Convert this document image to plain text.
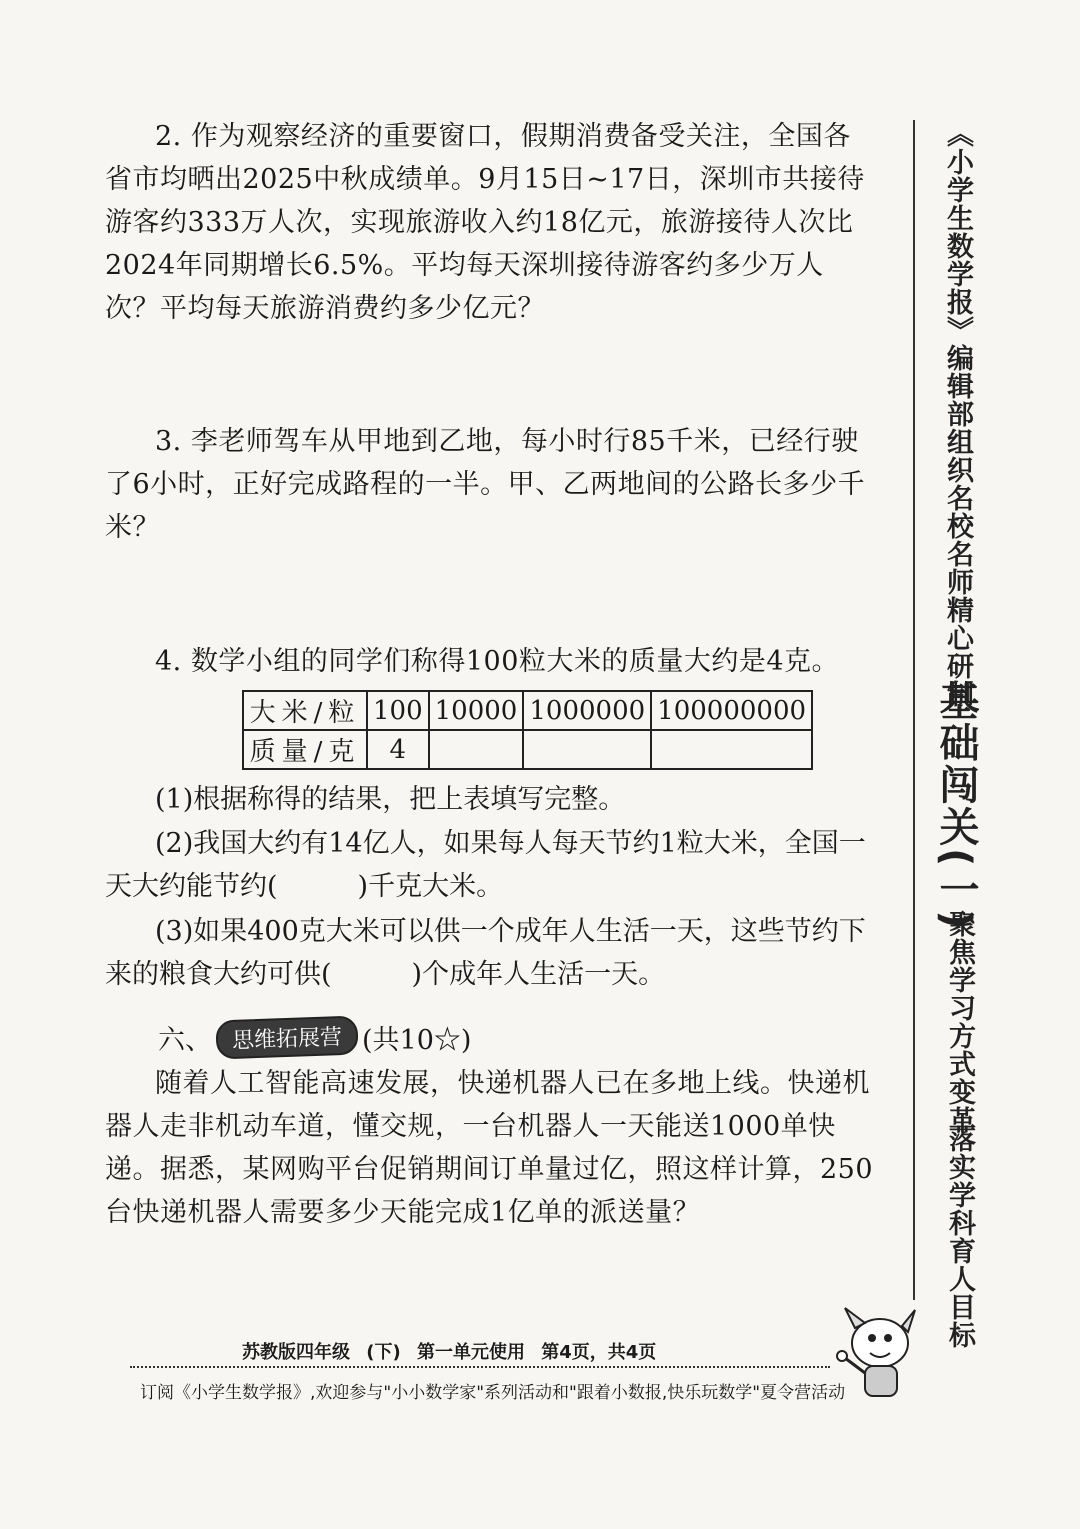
2. 作为观察经济的重要窗口，假期消费备受关注，全国各省市均晒出2025中秋成绩单。9月15日~17日，深圳市共接待游客约333万人次，实现旅游收入约18亿元，旅游接待人次比2024年同期增长6.5%。平均每天深圳接待游客约多少万人次？平均每天旅游消费约多少亿元？

3. 李老师驾车从甲地到乙地，每小时行85千米，已经行驶了6小时，正好完成路程的一半。甲、乙两地间的公路长多少千米？

4. 数学小组的同学们称得100粒大米的质量大约是4克。

大米/粒	100	10000	1000000	100000000
质量/克	4			

(1)根据称得的结果，把上表填写完整。

(2)我国大约有14亿人，如果每人每天节约1粒大米，全国一天大约能节约(	)千克大米。

(3)如果400克大米可以供一个成年人生活一天，这些节约下来的粮食大约可供(	)个成年人生活一天。

六、 思维拓展营 (共10☆)

随着人工智能高速发展，快递机器人已在多地上线。快递机器人走非机动车道，懂交规，一台机器人一天能送1000单快递。据悉，某网购平台促销期间订单量过亿，照这样计算，250台快递机器人需要多少天能完成1亿单的派送量？

《小学生数学报》编辑部组织名校名师精心研制

基础闯关(一)

聚焦学习方式变革

落实学科育人目标

苏教版四年级 (下) 第一单元使用 第4页，共4页
订阅《小学生数学报》,欢迎参与"小小数学家"系列活动和"跟着小数报,快乐玩数学"夏令营活动
